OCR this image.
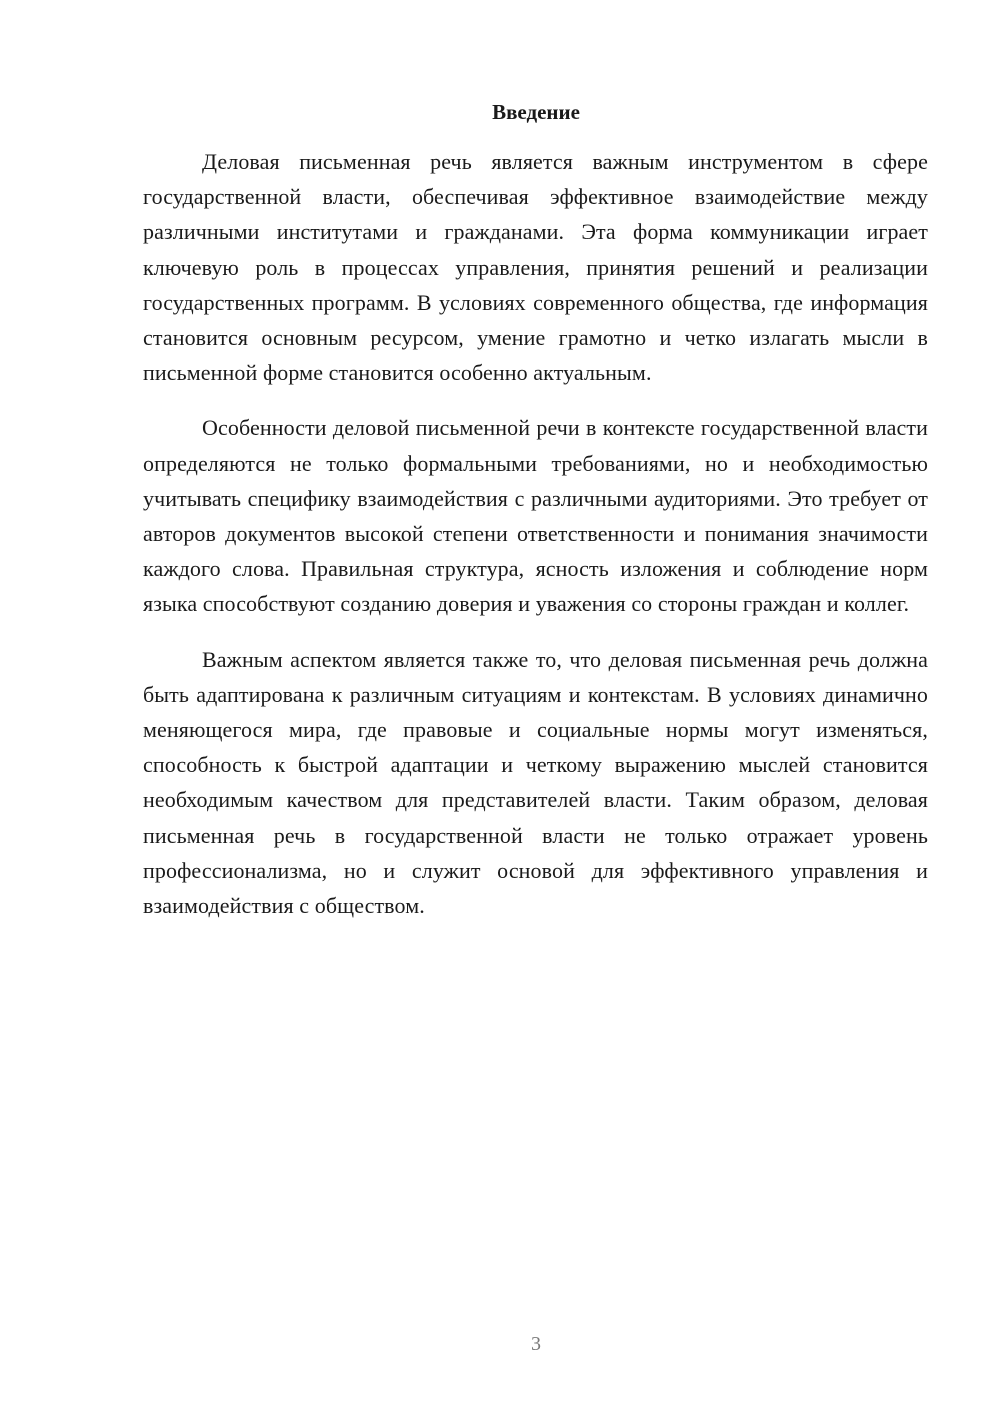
Введение

Деловая письменная речь является важным инструментом в сфере государственной власти, обеспечивая эффективное взаимодействие между различными институтами и гражданами. Эта форма коммуникации играет ключевую роль в процессах управления, принятия решений и реализации государственных программ. В условиях современного общества, где информация становится основным ресурсом, умение грамотно и четко излагать мысли в письменной форме становится особенно актуальным.

Особенности деловой письменной речи в контексте государственной власти определяются не только формальными требованиями, но и необходимостью учитывать специфику взаимодействия с различными аудиториями. Это требует от авторов документов высокой степени ответственности и понимания значимости каждого слова. Правильная структура, ясность изложения и соблюдение норм языка способствуют созданию доверия и уважения со стороны граждан и коллег.

Важным аспектом является также то, что деловая письменная речь должна быть адаптирована к различным ситуациям и контекстам. В условиях динамично меняющегося мира, где правовые и социальные нормы могут изменяться, способность к быстрой адаптации и четкому выражению мыслей становится необходимым качеством для представителей власти. Таким образом, деловая письменная речь в государственной власти не только отражает уровень профессионализма, но и служит основой для эффективного управления и взаимодействия с обществом.

3
